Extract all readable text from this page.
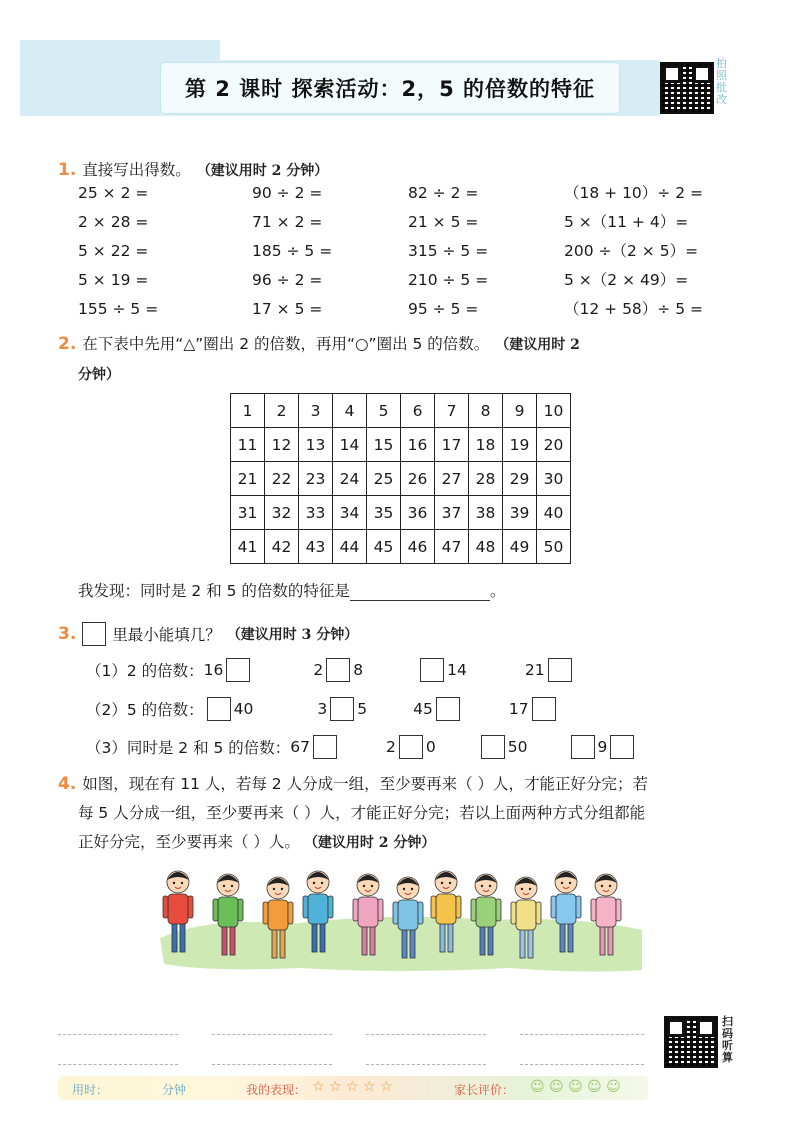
第 2 课时 探索活动：2，5 的倍数的特征
拍照批改
1. 直接写出得数。 （建议用时 2 分钟）
25 × 2 =	90 ÷ 2 =	82 ÷ 2 =	（18 + 10）÷ 2 =
2 × 28 =	71 × 2 =	21 × 5 =	5 ×（11 + 4）=
5 × 22 =	185 ÷ 5 =	315 ÷ 5 =	200 ÷（2 × 5）=
5 × 19 =	96 ÷ 2 =	210 ÷ 5 =	5 ×（2 × 49）=
155 ÷ 5 =	17 × 5 =	95 ÷ 5 =	（12 + 58）÷ 5 =
2. 在下表中先用“△”圈出 2 的倍数，再用“○”圈出 5 的倍数。 （建议用时 2
分钟）
1	2	3	4	5	6	7	8	9	10
11	12	13	14	15	16	17	18	19	20
21	22	23	24	25	26	27	28	29	30
31	32	33	34	35	36	37	38	39	40
41	42	43	44	45	46	47	48	49	50
我发现：同时是 2 和 5 的倍数的特征是	。
3. 里最小能填几？ （建议用时 3 分钟）
（1）2 的倍数： 16	2 8	14	21
（2）5 的倍数： 40	3 5	45	17
（3）同时是 2 和 5 的倍数： 67	2 0	50	9
4. 如图，现在有 11 人，若每 2 人分成一组，至少要再来（ ）人，才能正好分完；若
每 5 人分成一组，至少要再来（ ）人，才能正好分完；若以上面两种方式分组都能
正好分完，至少要再来（ ）人。 （建议用时 2 分钟）
扫码听算
用时：	分钟	我的表现： ☆ ☆ ☆ ☆ ☆	家长评价： ☺ ☺ ☺ ☺ ☺
